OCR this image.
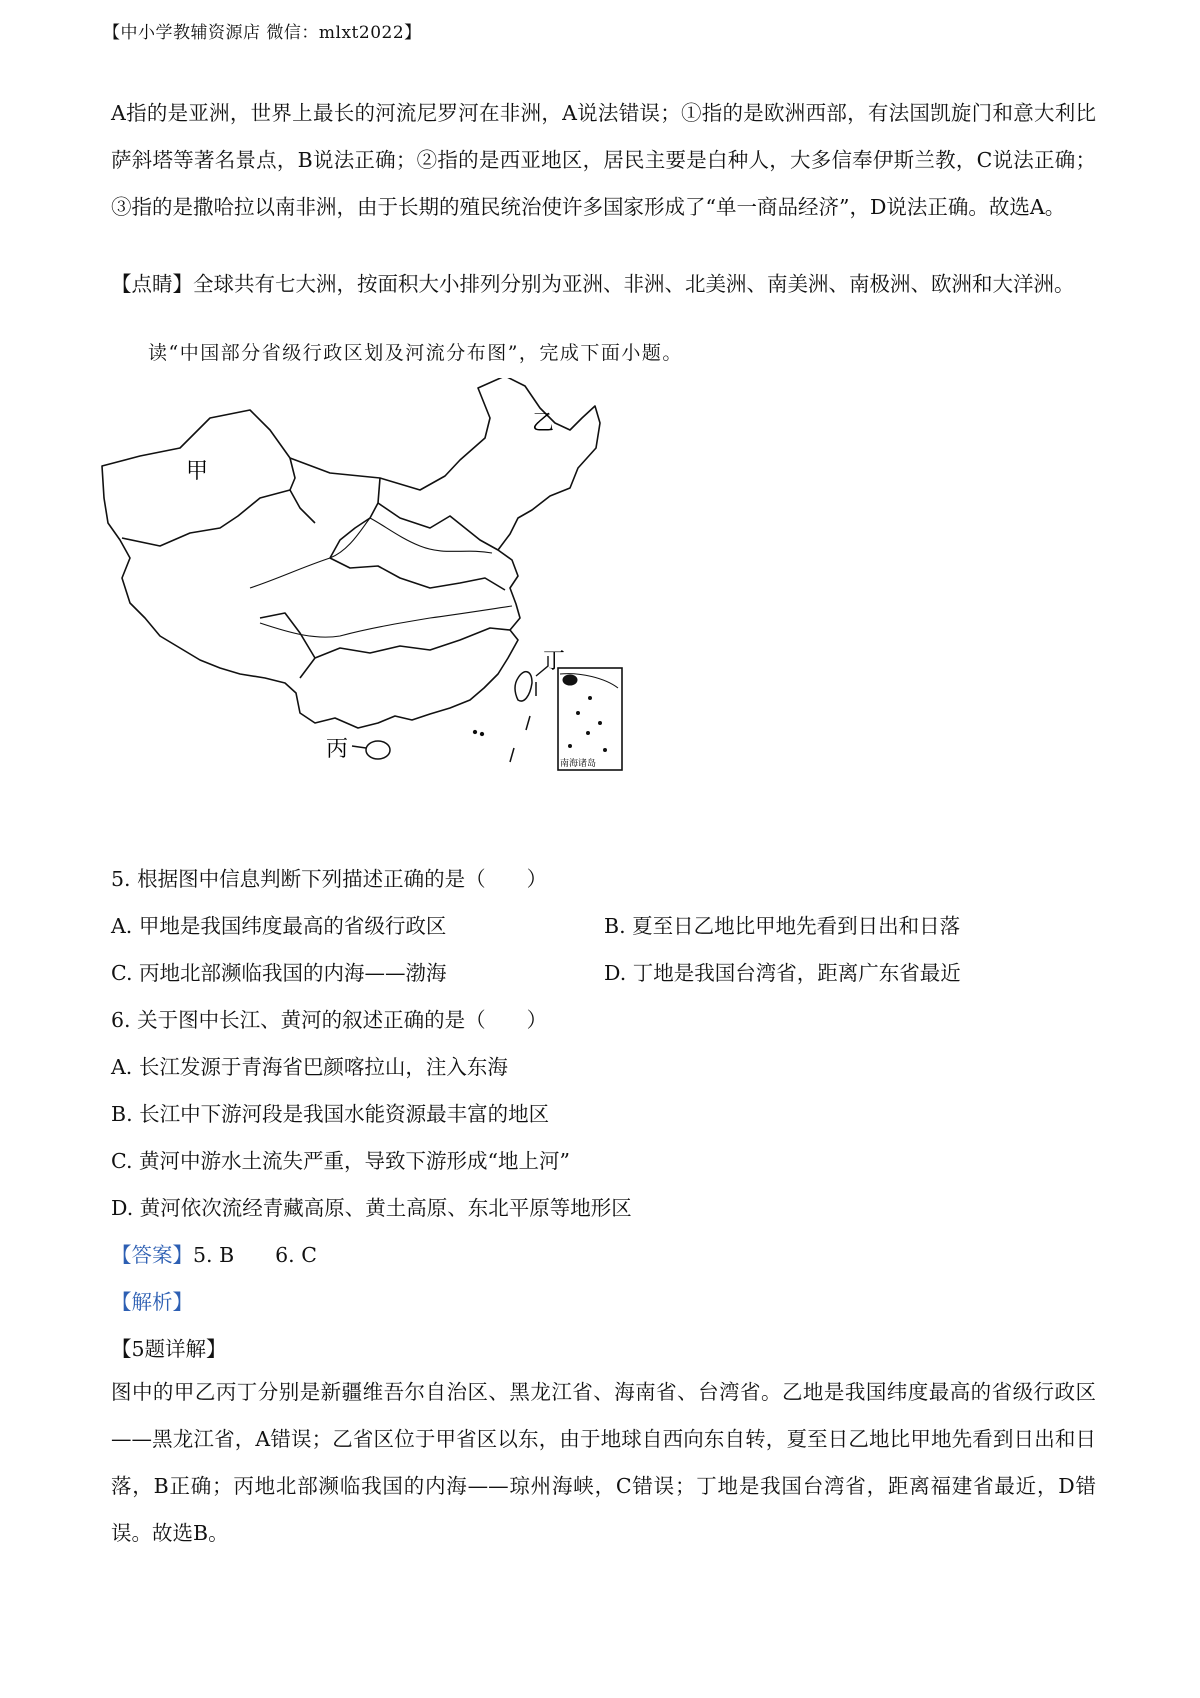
【中小学教辅资源店 微信：mlxt2022】
A指的是亚洲，世界上最长的河流尼罗河在非洲，A说法错误；①指的是欧洲西部，有法国凯旋门和意大利比萨斜塔等著名景点，B说法正确；②指的是西亚地区，居民主要是白种人，大多信奉伊斯兰教，C说法正确；③指的是撒哈拉以南非洲，由于长期的殖民统治使许多国家形成了“单一商品经济”，D说法正确。故选A。
【点睛】全球共有七大洲，按面积大小排列分别为亚洲、非洲、北美洲、南美洲、南极洲、欧洲和大洋洲。
读“中国部分省级行政区划及河流分布图”，完成下面小题。
南海诸岛
甲
乙
丙
丁
5. 根据图中信息判断下列描述正确的是（　　）
A. 甲地是我国纬度最高的省级行政区	B. 夏至日乙地比甲地先看到日出和日落
C. 丙地北部濒临我国的内海——渤海	D. 丁地是我国台湾省，距离广东省最近
6. 关于图中长江、黄河的叙述正确的是（　　）
A. 长江发源于青海省巴颜喀拉山，注入东海
B. 长江中下游河段是我国水能资源最丰富的地区
C. 黄河中游水土流失严重，导致下游形成“地上河”
D. 黄河依次流经青藏高原、黄土高原、东北平原等地形区
【答案】5. B　　6. C
【解析】
【5题详解】
图中的甲乙丙丁分别是新疆维吾尔自治区、黑龙江省、海南省、台湾省。乙地是我国纬度最高的省级行政区——黑龙江省，A错误；乙省区位于甲省区以东，由于地球自西向东自转，夏至日乙地比甲地先看到日出和日落，B正确；丙地北部濒临我国的内海——琼州海峡，C错误；丁地是我国台湾省，距离福建省最近，D错误。故选B。
